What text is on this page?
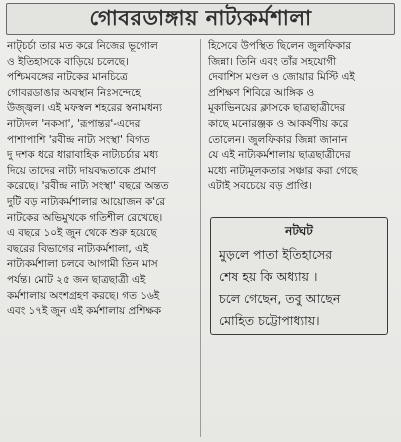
গোবরডাঙ্গায় নাট্যকর্মশালা
নাট্চর্চা তার মত করে নিজের ভূগোল
ও ইতিহাসকে বাড়িয়ে চলেছে।
পশ্চিমবঙ্গের নাটকের মানচিত্রে
গোবরডাঙার অবস্থান নিঃসন্দেহে
উজ্জ্বল। এই মফস্বল শহরের স্বনামধন্য
নাট্যদল 'নকসা', 'রূপান্তর'-এদের
পাশাপাশি 'রবীন্দ্র নাট্য সংস্থা' বিগত
দু দশক ধরে ধারাবাহিক নাট্যচর্চার মধ্য
দিয়ে তাদের নাট্য দায়বদ্ধতাকে প্রমাণ
করেছে। 'রবীন্দ্র নাট্য সংস্থা' বছরে অন্তত
দুটি বড় নাট্যকর্মশালার আয়োজন ক'রে
নাটকের অভিমুখকে গতিশীল রেখেছে।
এ বছরে ১০ই জুন থেকে শুরু হয়েছে
বছরের বিভাগের নাট্যকর্মশালা, এই
নাট্যকর্মশালা চলবে আগামী তিন মাস
পর্যন্ত। মোট ২৫ জন ছাত্রছাত্রী এই
কর্মশালায় অংশগ্রহণ করছে। গত ১৬ই
এবং ১৭ই জুন এই কর্মশালায় প্রশিক্ষক
হিসেবে উপস্থিত ছিলেন জুলফিকার
জিন্না। তিনি এবং তাঁর সহযোগী
দেবাশিস মণ্ডল ও জোয়ার মিস্টি এই
প্রশিক্ষণ শিবিরে আঙ্গিক ও
মূকাভিনয়ের ক্লাসকে ছাত্রছাত্রীদের
কাছে মনোরঞ্জক ও আকর্ষণীয় করে
তোলেন। জুলফিকার জিন্না জানান
যে এই নাট্যকর্মশালায় ছাত্রছাত্রীদের
মধ্যে নাট্যমূলকতার সঞ্চার করা গেছে
এটাই সবচেয়ে বড় প্রাপ্তি।
নটঘট
মুড়লে পাতা ইতিহাসের
শেষ হয় কি অধ্যায় ।
চলে গেছেন, তবু আছেন
মোহিত চট্টোপাধ্যায়।
